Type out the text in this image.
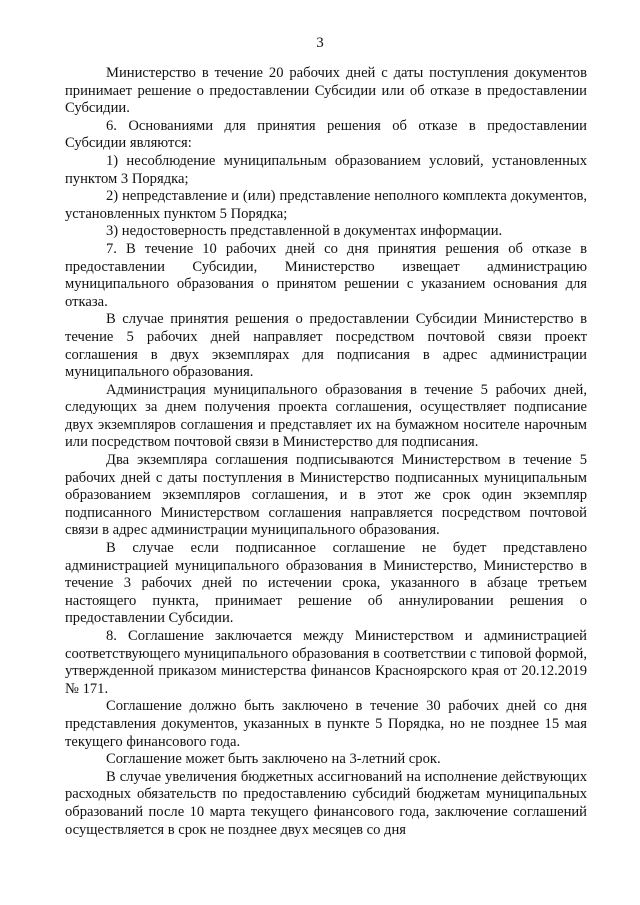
3

Министерство в течение 20 рабочих дней с даты поступления документов принимает решение о предоставлении Субсидии или об отказе в предоставлении Субсидии.

6. Основаниями для принятия решения об отказе в предоставлении Субсидии являются:

1) несоблюдение муниципальным образованием условий, установленных пунктом 3 Порядка;

2) непредставление и (или) представление неполного комплекта документов, установленных пунктом 5 Порядка;

3) недостоверность представленной в документах информации.

7. В течение 10 рабочих дней со дня принятия решения об отказе в предоставлении Субсидии, Министерство извещает администрацию муниципального образования о принятом решении с указанием основания для отказа.

В случае принятия решения о предоставлении Субсидии Министерство в течение 5 рабочих дней направляет посредством почтовой связи проект соглашения в двух экземплярах для подписания в адрес администрации муниципального образования.

Администрация муниципального образования в течение 5 рабочих дней, следующих за днем получения проекта соглашения, осуществляет подписание двух экземпляров соглашения и представляет их на бумажном носителе нарочным или посредством почтовой связи в Министерство для подписания.

Два экземпляра соглашения подписываются Министерством в течение 5 рабочих дней с даты поступления в Министерство подписанных муниципальным образованием экземпляров соглашения, и в этот же срок один экземпляр подписанного Министерством соглашения направляется посредством почтовой связи в адрес администрации муниципального образования.

В случае если подписанное соглашение не будет представлено администрацией муниципального образования в Министерство, Министерство в течение 3 рабочих дней по истечении срока, указанного в абзаце третьем настоящего пункта, принимает решение об аннулировании решения о предоставлении Субсидии.

8. Соглашение заключается между Министерством и администрацией соответствующего муниципального образования в соответствии с типовой формой, утвержденной приказом министерства финансов Красноярского края от 20.12.2019 № 171.

Соглашение должно быть заключено в течение 30 рабочих дней со дня представления документов, указанных в пункте 5 Порядка, но не позднее 15 мая текущего финансового года.

Соглашение может быть заключено на 3-летний срок.

В случае увеличения бюджетных ассигнований на исполнение действующих расходных обязательств по предоставлению субсидий бюджетам муниципальных образований после 10 марта текущего финансового года, заключение соглашений осуществляется в срок не позднее двух месяцев со дня
